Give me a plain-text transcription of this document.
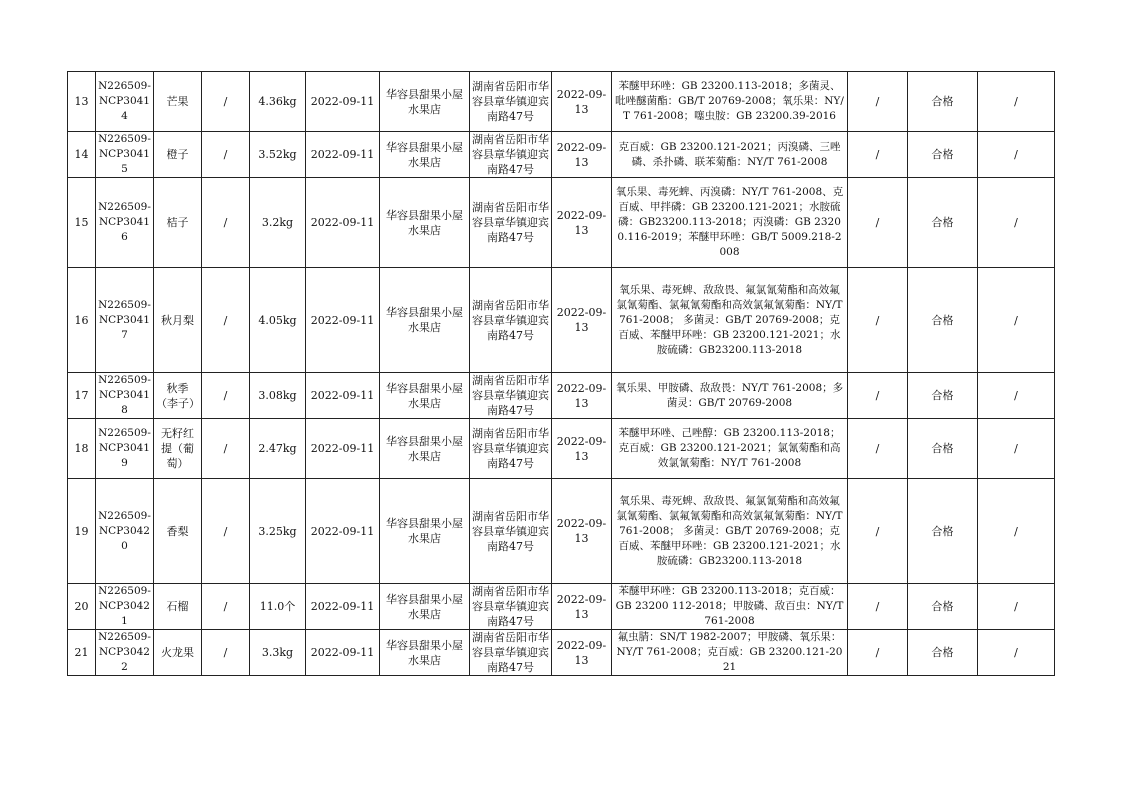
13	N226509-NCP30414	芒果	/	4.36kg	2022-09-11	华容县甜果小屋水果店	湖南省岳阳市华容县章华镇迎宾南路47号	2022-09-13	苯醚甲环唑：GB 23200.113-2018；多菌灵、吡唑醚菌酯：GB/T 20769-2008；氧乐果：NY/T 761-2008；噻虫胺：GB 23200.39-2016	/	合格	/
14	N226509-NCP30415	橙子	/	3.52kg	2022-09-11	华容县甜果小屋水果店	湖南省岳阳市华容县章华镇迎宾南路47号	2022-09-13	克百威：GB 23200.121-2021；丙溴磷、三唑磷、杀扑磷、联苯菊酯：NY/T 761-2008	/	合格	/
15	N226509-NCP30416	桔子	/	3.2kg	2022-09-11	华容县甜果小屋水果店	湖南省岳阳市华容县章华镇迎宾南路47号	2022-09-13	氧乐果、毒死蜱、丙溴磷：NY/T 761-2008、克百威、甲拌磷：GB 23200.121-2021；水胺硫磷：GB23200.113-2018；丙溴磷：GB 23200.116-2019；苯醚甲环唑：GB/T 5009.218-2008	/	合格	/
16	N226509-NCP30417	秋月梨	/	4.05kg	2022-09-11	华容县甜果小屋水果店	湖南省岳阳市华容县章华镇迎宾南路47号	2022-09-13	氧乐果、毒死蜱、敌敌畏、氟氯氰菊酯和高效氟氯氰菊酯、氯氟氰菊酯和高效氯氟氰菊酯：NY/T 761-2008； 多菌灵：GB/T 20769-2008；克百威、苯醚甲环唑：GB 23200.121-2021；水胺硫磷：GB23200.113-2018	/	合格	/
17	N226509-NCP30418	秋季（李子）	/	3.08kg	2022-09-11	华容县甜果小屋水果店	湖南省岳阳市华容县章华镇迎宾南路47号	2022-09-13	氧乐果、甲胺磷、敌敌畏：NY/T 761-2008；多菌灵：GB/T 20769-2008	/	合格	/
18	N226509-NCP30419	无籽红提（葡萄）	/	2.47kg	2022-09-11	华容县甜果小屋水果店	湖南省岳阳市华容县章华镇迎宾南路47号	2022-09-13	苯醚甲环唑、己唑醇：GB 23200.113-2018；克百威：GB 23200.121-2021；氯氰菊酯和高效氯氰菊酯：NY/T 761-2008	/	合格	/
19	N226509-NCP30420	香梨	/	3.25kg	2022-09-11	华容县甜果小屋水果店	湖南省岳阳市华容县章华镇迎宾南路47号	2022-09-13	氧乐果、毒死蜱、敌敌畏、氟氯氰菊酯和高效氟氯氰菊酯、氯氟氰菊酯和高效氯氟氰菊酯：NY/T 761-2008； 多菌灵：GB/T 20769-2008；克百威、苯醚甲环唑：GB 23200.121-2021；水胺硫磷：GB23200.113-2018	/	合格	/
20	N226509-NCP30421	石榴	/	11.0个	2022-09-11	华容县甜果小屋水果店	湖南省岳阳市华容县章华镇迎宾南路47号	2022-09-13	苯醚甲环唑：GB 23200.113-2018；克百威：GB 23200 112-2018；甲胺磷、敌百虫：NY/T761-2008	/	合格	/
21	N226509-NCP30422	火龙果	/	3.3kg	2022-09-11	华容县甜果小屋水果店	湖南省岳阳市华容县章华镇迎宾南路47号	2022-09-13	氟虫腈：SN/T 1982-2007；甲胺磷、氧乐果：NY/T 761-2008；克百威：GB 23200.121-2021	/	合格	/
